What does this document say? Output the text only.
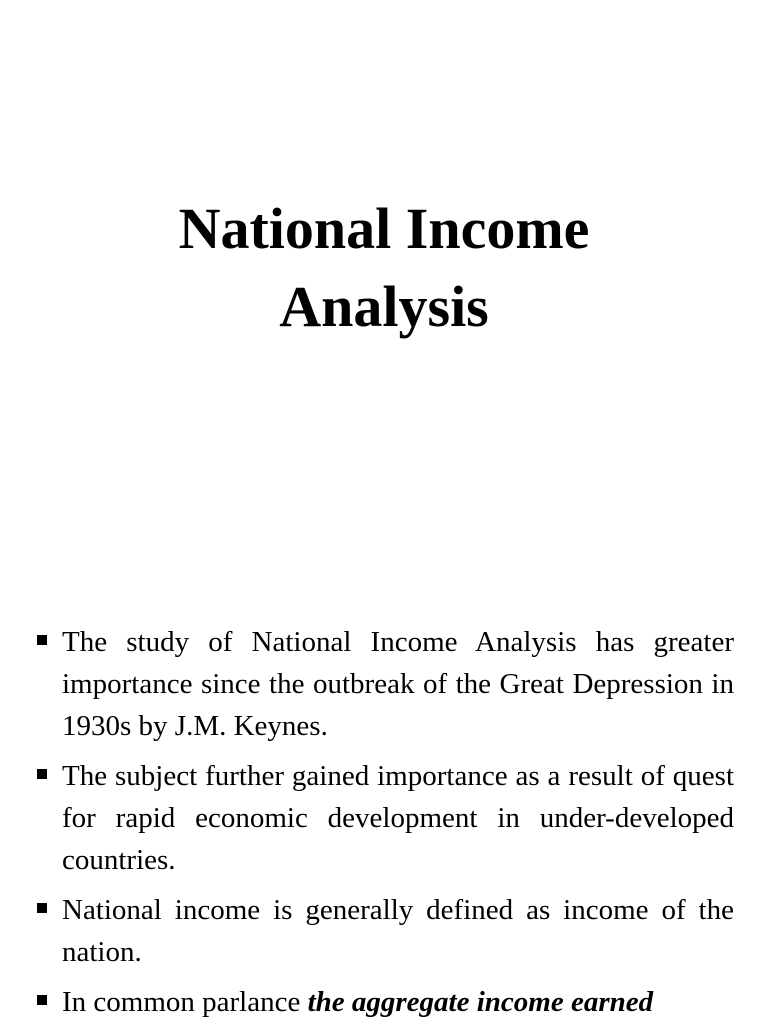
National Income
Analysis
The study of National Income Analysis has greater importance since the outbreak of the Great Depression in 1930s by J.M. Keynes.
The subject further gained importance as a result of quest for rapid economic development in under-developed countries.
National income is generally defined as income of the nation.
In common parlance the aggregate income earned
